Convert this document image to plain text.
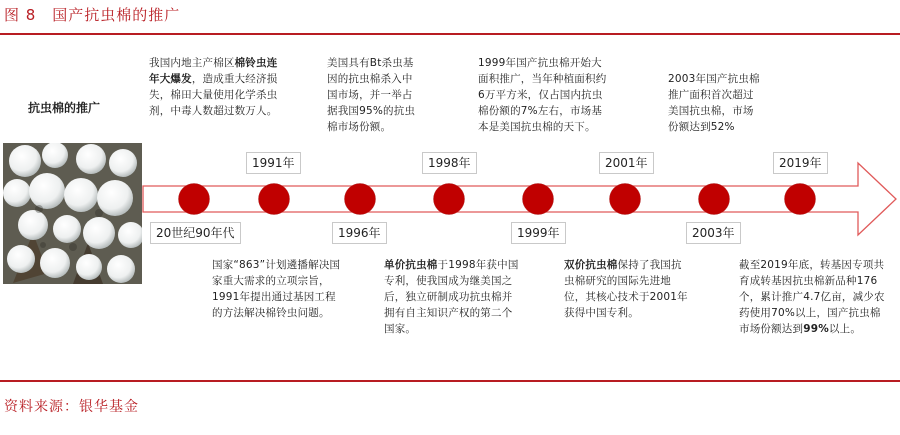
图 8　国产抗虫棉的推广
抗虫棉的推广
20世纪90年代
1991年
1996年
1998年
1999年
2001年
2003年
2019年
我国内地主产棉区棉铃虫连年大爆发，造成重大经济损失，棉田大量使用化学杀虫剂，中毒人数超过数万人。
美国具有Bt杀虫基因的抗虫棉杀入中国市场，并一举占据我国95%的抗虫棉市场份额。
1999年国产抗虫棉开始大面积推广，当年种植面积约6万平方米，仅占国内抗虫棉份额的7%左右，市场基本是美国抗虫棉的天下。
2003年国产抗虫棉推广面积首次超过美国抗虫棉，市场份额达到52%
国家“863”计划遴播解决国家重大需求的立项宗旨，1991年提出通过基因工程的方法解决棉铃虫问题。
单价抗虫棉于1998年获中国专利，使我国成为继美国之后，独立研制成功抗虫棉并拥有自主知识产权的第二个国家。
双价抗虫棉保持了我国抗虫棉研究的国际先进地位，其核心技术于2001年获得中国专利。
截至2019年底，转基因专项共育成转基因抗虫棉新品种176个，累计推广4.7亿亩，减少农药使用70%以上，国产抗虫棉市场份额达到99%以上。
资料来源：银华基金
